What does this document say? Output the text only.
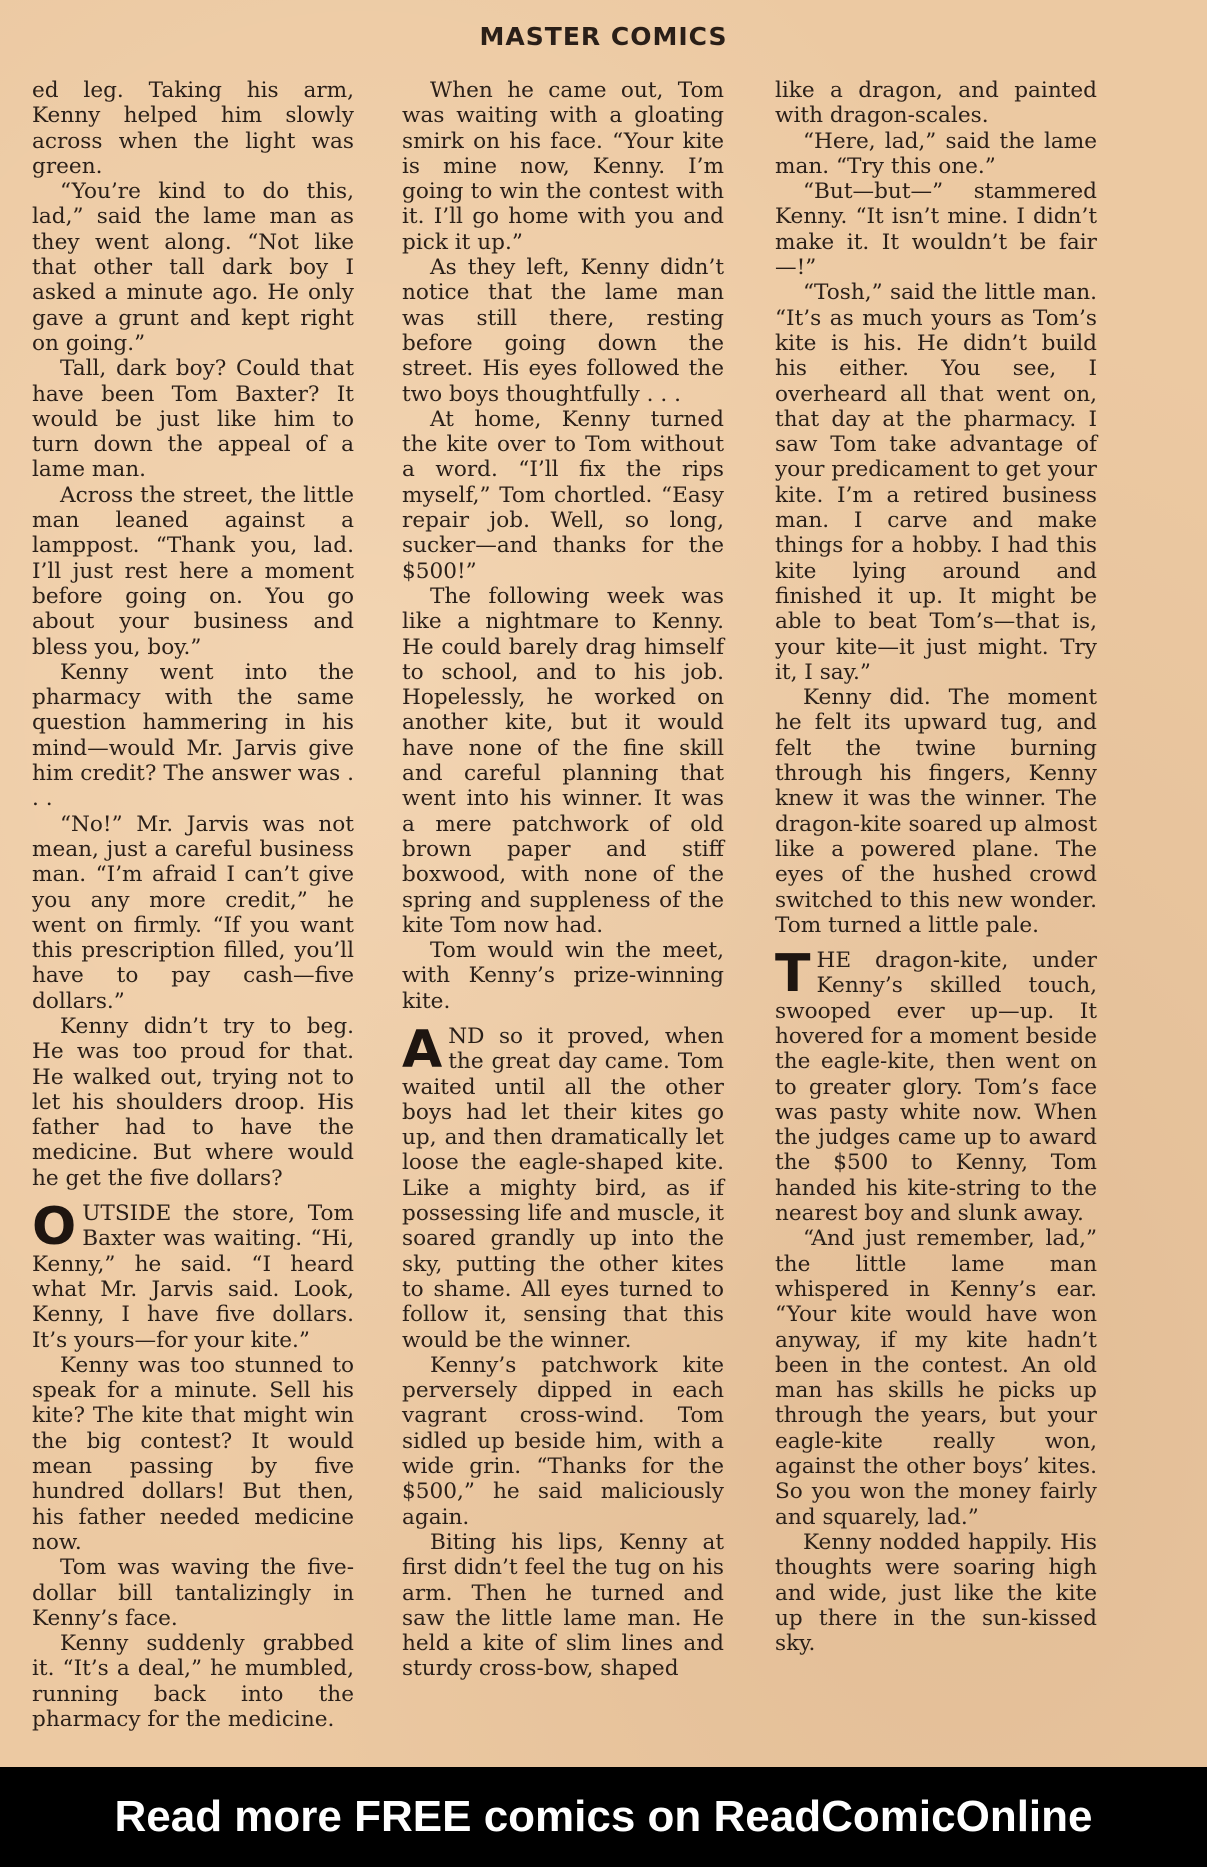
MASTER COMICS

ed leg. Taking his arm, Kenny helped him slowly across when the light was green.

“You’re kind to do this, lad,” said the lame man as they went along. “Not like that other tall dark boy I asked a minute ago. He only gave a grunt and kept right on going.”

Tall, dark boy? Could that have been Tom Baxter? It would be just like him to turn down the appeal of a lame man.

Across the street, the little man leaned against a lamppost. “Thank you, lad. I’ll just rest here a moment before going on. You go about your business and bless you, boy.”

Kenny went into the pharmacy with the same question hammering in his mind—would Mr. Jarvis give him credit? The answer was . . .

“No!” Mr. Jarvis was not mean, just a careful business man. “I’m afraid I can’t give you any more credit,” he went on firmly. “If you want this prescription filled, you’ll have to pay cash—five dollars.”

Kenny didn’t try to beg. He was too proud for that. He walked out, trying not to let his shoulders droop. His father had to have the medicine. But where would he get the five dollars?

OUTSIDE the store, Tom Baxter was waiting. “Hi, Kenny,” he said. “I heard what Mr. Jarvis said. Look, Kenny, I have five dollars. It’s yours—for your kite.”

Kenny was too stunned to speak for a minute. Sell his kite? The kite that might win the big contest? It would mean passing by five hundred dollars! But then, his father needed medicine now.

Tom was waving the five-dollar bill tantalizingly in Kenny’s face.

Kenny suddenly grabbed it. “It’s a deal,” he mumbled, running back into the pharmacy for the medicine.

When he came out, Tom was waiting with a gloating smirk on his face. “Your kite is mine now, Kenny. I’m going to win the contest with it. I’ll go home with you and pick it up.”

As they left, Kenny didn’t notice that the lame man was still there, resting before going down the street. His eyes followed the two boys thoughtfully . . .

At home, Kenny turned the kite over to Tom without a word. “I’ll fix the rips myself,” Tom chortled. “Easy repair job. Well, so long, sucker—and thanks for the $500!”

The following week was like a nightmare to Kenny. He could barely drag himself to school, and to his job. Hopelessly, he worked on another kite, but it would have none of the fine skill and careful planning that went into his winner. It was a mere patchwork of old brown paper and stiff boxwood, with none of the spring and suppleness of the kite Tom now had.

Tom would win the meet, with Kenny’s prize-winning kite.

AND so it proved, when the great day came. Tom waited until all the other boys had let their kites go up, and then dramatically let loose the eagle-shaped kite. Like a mighty bird, as if possessing life and muscle, it soared grandly up into the sky, putting the other kites to shame. All eyes turned to follow it, sensing that this would be the winner.

Kenny’s patchwork kite perversely dipped in each vagrant cross-wind. Tom sidled up beside him, with a wide grin. “Thanks for the $500,” he said maliciously again.

Biting his lips, Kenny at first didn’t feel the tug on his arm. Then he turned and saw the little lame man. He held a kite of slim lines and sturdy cross-bow, shaped

like a dragon, and painted with dragon-scales.

“Here, lad,” said the lame man. “Try this one.”

“But—but—” stammered Kenny. “It isn’t mine. I didn’t make it. It wouldn’t be fair—!”

“Tosh,” said the little man. “It’s as much yours as Tom’s kite is his. He didn’t build his either. You see, I overheard all that went on, that day at the pharmacy. I saw Tom take advantage of your predicament to get your kite. I’m a retired business man. I carve and make things for a hobby. I had this kite lying around and finished it up. It might be able to beat Tom’s—that is, your kite—it just might. Try it, I say.”

Kenny did. The moment he felt its upward tug, and felt the twine burning through his fingers, Kenny knew it was the winner. The dragon-kite soared up almost like a powered plane. The eyes of the hushed crowd switched to this new wonder. Tom turned a little pale.

THE dragon-kite, under Kenny’s skilled touch, swooped ever up—up. It hovered for a moment beside the eagle-kite, then went on to greater glory. Tom’s face was pasty white now. When the judges came up to award the $500 to Kenny, Tom handed his kite-string to the nearest boy and slunk away.

“And just remember, lad,” the little lame man whispered in Kenny’s ear. “Your kite would have won anyway, if my kite hadn’t been in the contest. An old man has skills he picks up through the years, but your eagle-kite really won, against the other boys’ kites. So you won the money fairly and squarely, lad.”

Kenny nodded happily. His thoughts were soaring high and wide, just like the kite up there in the sun-kissed sky.

Read more FREE comics on ReadComicOnline
